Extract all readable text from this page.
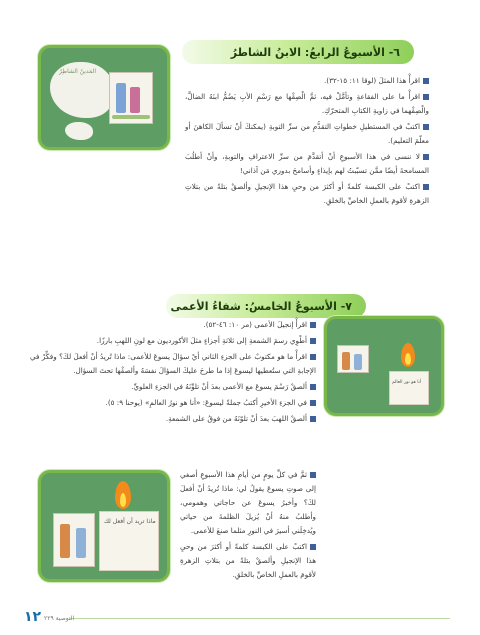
٦- الأسبوعُ الرابعُ: الابنُ الشاطرُ
المَدينُ الشاطِرُ

اقرأْ هذا المثلَ (لوقا ١١: ١٥-٣٢).

اقرأْ ما على الفقاعةِ وتأمَّلْ فيه، ثمَّ الْصِقْها مع رَسْمِ الأبِ يَضُمُّ ابنَهُ الضالَّ، والْصِقْهما في زاويةِ الكتابِ المتحرّكِ.

اكتبْ في المستطيلِ خطواتِ التقدُّمِ من سرِّ التوبةِ (يمكنكَ أنْ تسألَ الكاهنَ أو معلّمَ التعليم).

لا ننسى في هذا الأسبوعِ أنْ أتقدَّمَ من سرِّ الاعترافِ والتوبةِ، وأنْ أطلُبَ المسامحةَ أيضًا ممَّن تسبّبتُ لهم بإيذاءٍ وأسامحَ بدوري مَن آذاني!

اكتبْ على الكبسة كلمةً أو أكثرَ من وحيِ هذا الإنجيلِ وألصقْ بتلةً من بتلاتِ الزهرةِ لأقومَ بالعملِ الخاصِّ بالخلقِ.

٧- الأسبوعُ الخامسُ: شفاءُ الأعمى
أنا هو نور العالم

اقرأْ إنجيلَ الأعمى (مر ١٠: ٤٦-٥٢).

أطْوِي رسمَ الشمعةِ إلى ثلاثةِ أجزاءٍ مثلَ الأكورديون مع لونِ اللهبِ بارزًا.

اقرأْ ما هو مكتوبٌ على الجزءِ الثاني أيْ سؤالَ يسوعَ للأعمى: ماذا تُريدُ أنْ أفعلَ لكَ؟ وفكِّرْ في الإجابةِ التي ستُعطيها ليسوعَ إذا ما طرحَ عليكَ السؤالَ نفسَهُ وألصقْها تحتَ السؤال.

ألصقْ رَسْمَ يسوعَ مع الأعمى بعدَ أنْ تلوِّنَهُ في الجزءِ العلويِّ.

في الجزءِ الأخيرِ أكتبُ جملةً ليسوعَ: «أنا هو نورُ العالمِ» (يوحنا ٩: ٥).

ألصقْ اللهبَ بعدَ أنْ تلوّنَهُ من فوقُ على الشمعةِ.

ثمَّ في كلِّ يومٍ من أيامِ هذا الأسبوعِ أصغي إلى صوتِ يسوعَ يقولُ لي: ماذا تُريدُ أنْ أفعلَ لكَ؟ وأخبرُ يسوعَ عن حاجاتي وهمومي، وأطلبُ منهُ أنْ يُزيلَ الظلمةَ من حياتي ويُدخِلَني أسيرَ في النورِ مثلما صنعَ للأعمى.

اكتبْ على الكبسة كلمةً أو أكثرَ من وحيِ هذا الإنجيلِ وألصقْ بتلةً من بتلاتِ الزهرةِ لأقومَ بالعملِ الخاصِّ بالخلقِ.

ماذا تريد أن أفعل لك
١٢ التوصية ٢٢٩
